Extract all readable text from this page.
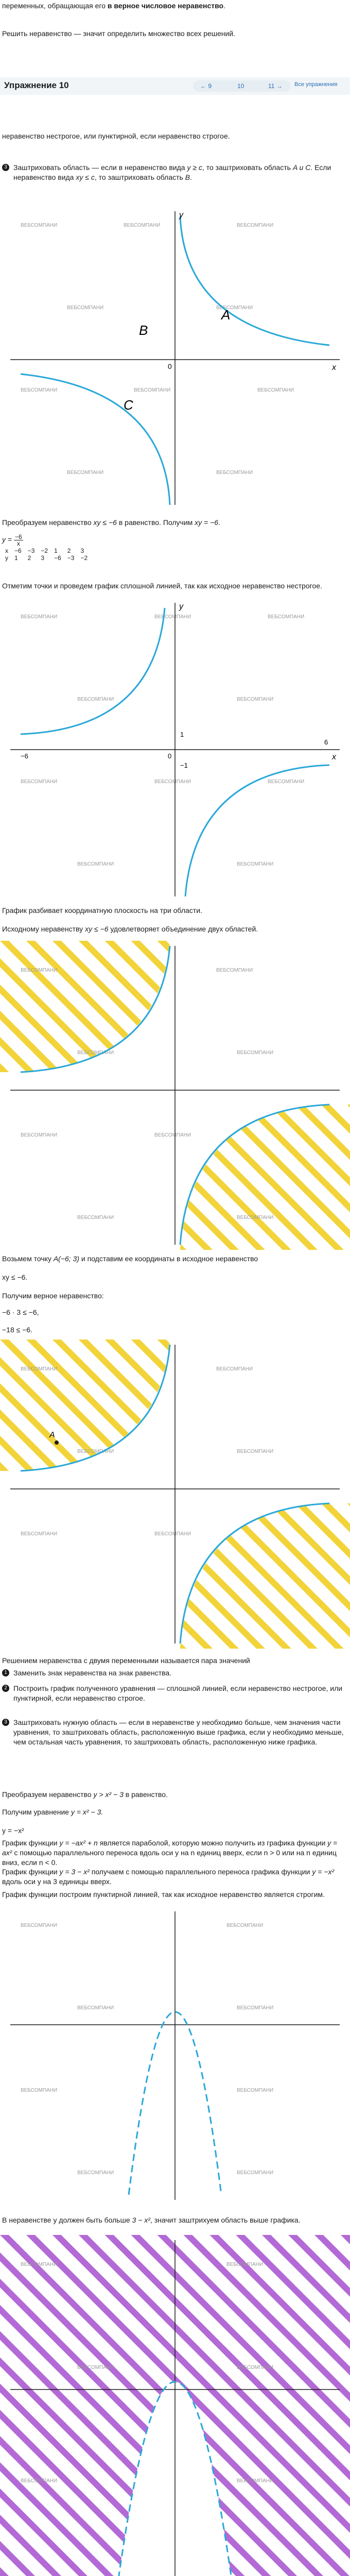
переменных, обращающая его в верное числовое неравенство.
Решить неравенство — значит определить множество всех решений.
Упражнение 10	← 9	10	11 → Все упражнения
неравенство нестрогое, или пунктирной, если неравенство строгое.
3 Заштриховать область — если в неравенство вида y ≥ c, то заштриховать область A и C. Если неравенство вида xy ≤ c, то заштриховать область B.
ВЕБСОМПАНИ	ВЕБСОМПАНИ	ВЕБСОМПАНИ
ВЕБСОМПАНИ	ВЕБСОМПАНИ
ВЕБСОМПАНИ	ВЕБСОМПАНИ	ВЕБСОМПАНИ
ВЕБСОМПАНИ	ВЕБСОМПАНИ
A
B
C
x
y
0
Преобразуем неравенство xy ≤ −6 в равенство. Получим xy = −6.
$y = \frac{-6}{x}$
x	−6	−3	−2	1	2	3
y	1	2	3	−6	−3	−2
Отметим точки и проведем график сплошной линией, так как исходное неравенство нестрогое.
ВЕБСОМПАНИ	ВЕБСОМПАНИ	ВЕБСОМПАНИ
ВЕБСОМПАНИ	ВЕБСОМПАНИ
ВЕБСОМПАНИ	ВЕБСОМПАНИ	ВЕБСОМПАНИ
ВЕБСОМПАНИ	ВЕБСОМПАНИ
x
y
0
1
−1
−6
6
График разбивает координатную плоскость на три области.
Исходному неравенству xy ≤ −6 удовлетворяет объединение двух областей.
ВЕБСОМПАНИ	ВЕБСОМПАНИ
ВЕБСОМПАНИ	ВЕБСОМПАНИ
ВЕБСОМПАНИ	ВЕБСОМПАНИ
ВЕБСОМПАНИ	ВЕБСОМПАНИ
Возьмем точку A(−6; 3) и подставим ее координаты в исходное неравенство
xy ≤ −6.
Получим верное неравенство:
−6 · 3 ≤ −6,
−18 ≤ −6.
ВЕБСОМПАНИ	ВЕБСОМПАНИ
ВЕБСОМПАНИ	ВЕБСОМПАНИ
ВЕБСОМПАНИ	ВЕБСОМПАНИ
A
Решением неравенства с двумя переменными называется пара значений
1 Заменить знак неравенства на знак равенства.
2 Построить график полученного уравнения — сплошной линией, если неравенство нестрогое, или пунктирной, если неравенство строгое.
3 Заштриховать нужную область — если в неравенстве у необходимо больше, чем значения части уравнения, то заштриховать область, расположенную выше графика, если у необходимо меньше, чем остальная часть уравнения, то заштриховать область, расположенную ниже графика.
Преобразуем неравенство y > x² − 3 в равенство.
Получим уравнение y = x² − 3.
y = −x²
График функции y = −ax² + n является параболой, которую можно получить из графика функции y = ax² с помощью параллельного переноса вдоль оси y на n единиц вверх, если n > 0 или на n единиц вниз, если n < 0.
График функции y = 3 − x² получаем с помощью параллельного переноса графика функции y = −x² вдоль оси y на 3 единицы вверх.
График функции построим пунктирной линией, так как исходное неравенство является строгим.
ВЕБСОМПАНИ	ВЕБСОМПАНИ
ВЕБСОМПАНИ	ВЕБСОМПАНИ
ВЕБСОМПАНИ	ВЕБСОМПАНИ
ВЕБСОМПАНИ	ВЕБСОМПАНИ
В неравенстве y должен быть больше 3 − x², значит заштрихуем область выше графика.
ВЕБСОМПАНИ	ВЕБСОМПАНИ
ВЕБСОМПАНИ	ВЕБСОМПАНИ
ВЕБСОМПАНИ	ВЕБСОМПАНИ
